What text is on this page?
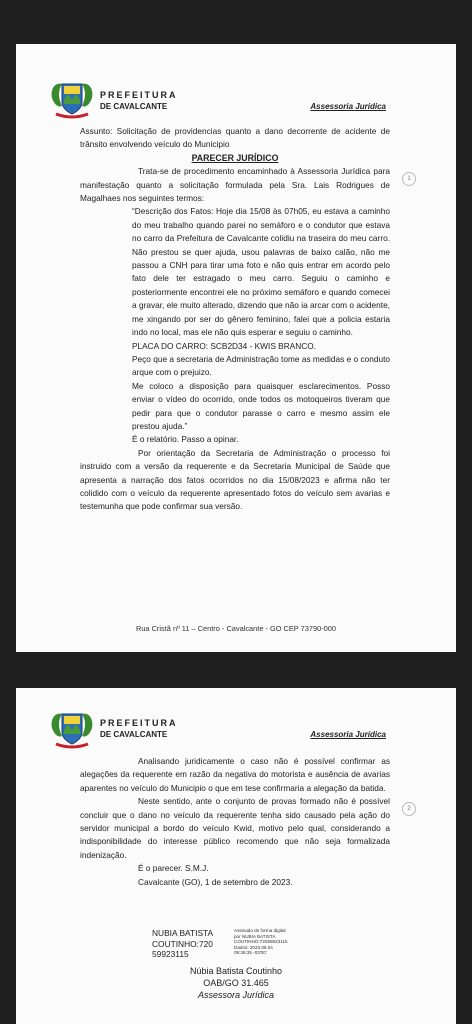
PREFEITURA
DE CAVALCANTE	Assessoria Jurídica
1

Assunto: Solicitação de providencias quanto a dano decorrente de acidente de trânsito envolvendo veículo do Municipio

PARECER JURÍDICO

Trata-se de procedimento encaminhado à Assessoria Jurídica para manifestação quanto a solicitação formulada pela Sra. Lais Rodrigues de Magalhaes nos seguintes termos:

“Descrição dos Fatos: Hoje dia 15/08 às 07h05, eu estava a caminho do meu trabalho quando parei no semáforo e o condutor que estava no carro da Prefeitura de Cavalcante colidiu na traseira do meu carro. Não prestou se quer ajuda, usou palavras de baixo calão, não me passou a CNH para tirar uma foto e não quis entrar em acordo pelo fato dele ter estragado o meu carro. Seguiu o caminho e posteriormente encontrei ele no próximo semáforo e quando comecei a gravar, ele muito alterado, dizendo que não ia arcar com o acidente, me xingando por ser do gênero feminino, falei que a policia estaria indo no local, mas ele não quis esperar e seguiu o caminho.

PLACA DO CARRO: SCB2D34 - KWIS BRANCO.

Peço que a secretaria de Administração tome as medidas e o conduto arque com o prejuizo.

Me coloco a disposição para quaisquer esclarecimentos. Posso enviar o vídeo do ocorrido, onde todos os motoqueiros tiveram que pedir para que o condutor parasse o carro e mesmo assim ele prestou ajuda.”

É o relatório. Passo a opinar.

Por orientação da Secretaria de Administração o processo foi instruido com a versão da requerente e da Secretaria Municipal de Saúde que apresenta a narração dos fatos ocorridos no dia 15/08/2023 e afirma não ter colidido com o veículo da requerente apresentado fotos do veículo sem avarias e testemunha que pode confirmar sua versão.

Rua Cristã nº 11 – Centro - Cavalcante - GO CEP 73790-000
PREFEITURA
DE CAVALCANTE	Assessoria Jurídica
2

Analisando juridicamente o caso não é possível confirmar as alegações da requerente em razão da negativa do motorista e ausência de avarias aparentes no veículo do Municipio o que em tese confirmaria a alegação da batida.

Neste sentido, ante o conjunto de provas formado não é possível concluir que o dano no veículo da requerente tenha sido causado pela ação do servidor municipal a bordo do veículo Kwid, motivo pelo qual, considerando a indisponibilidade do interesse público recomendo que não seja formalizada indenização.

É o parecer. S.M.J.

Cavalcante (GO), 1 de setembro de 2023.

NUBIA BATISTA
COUTINHO:720
59923115
Assinado de forma digital
por NUBIA BATISTA
COUTINHO:72059923115
Dados: 2023.09.04
09:36:35 -03'00'
Núbia Batista Coutinho
OAB/GO 31.465
Assessora Jurídica
